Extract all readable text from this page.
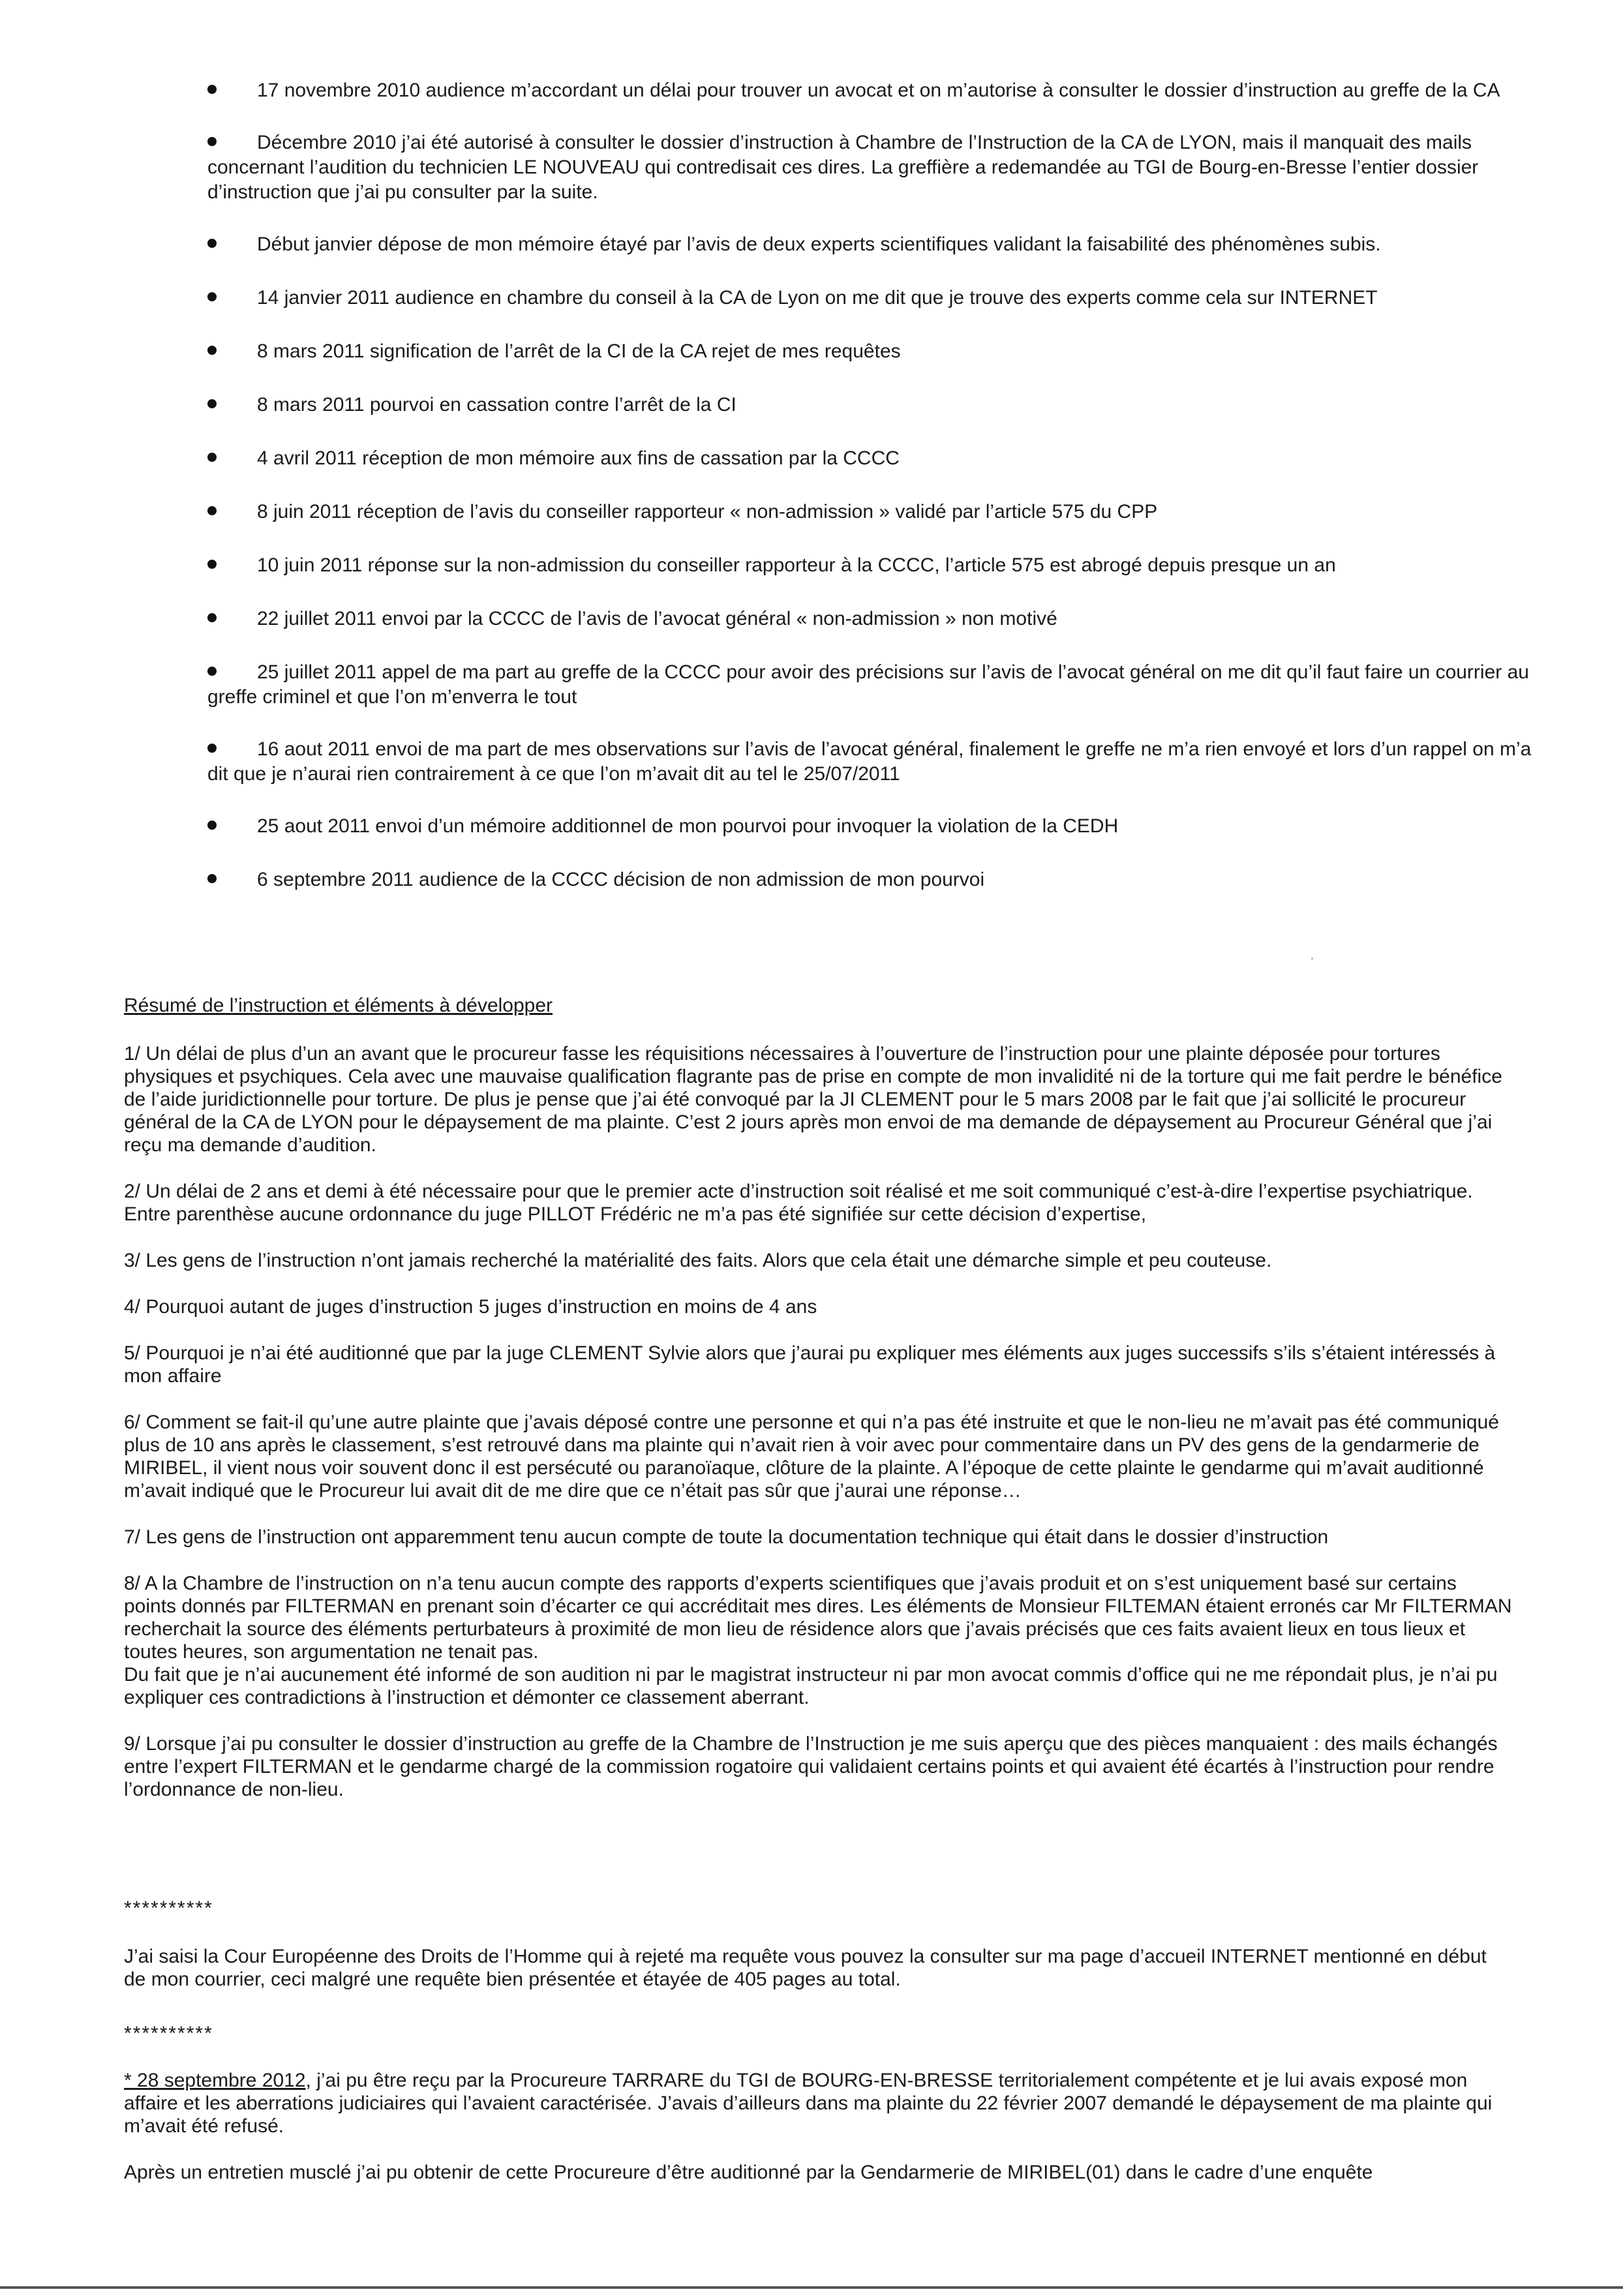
17 novembre 2010 audience m’accordant un délai pour trouver un avocat et on m’autorise à consulter le dossier d’instruction au greffe de la CA
Décembre 2010 j’ai été autorisé à consulter le dossier d’instruction à Chambre de l’Instruction de la CA de LYON, mais il manquait des mails concernant l’audition du technicien LE NOUVEAU qui contredisait ces dires. La greffière a redemandée au TGI de Bourg-en-Bresse l’entier dossier d’instruction que j’ai pu consulter par la suite.
Début janvier dépose de mon mémoire étayé par l’avis de deux experts scientifiques validant la faisabilité des phénomènes subis.
14 janvier 2011 audience en chambre du conseil à la CA de Lyon on me dit que je trouve des experts comme cela sur INTERNET
8 mars 2011 signification de l’arrêt de la CI de la CA rejet de mes requêtes
8 mars 2011 pourvoi en cassation contre l’arrêt de la CI
4 avril 2011 réception de mon mémoire aux fins de cassation par la CCCC
8 juin 2011 réception de l’avis du conseiller rapporteur « non-admission » validé par l’article 575 du CPP
10 juin 2011 réponse sur la non-admission du conseiller rapporteur à la CCCC, l’article 575 est abrogé depuis presque un an
22 juillet 2011 envoi par la CCCC de l’avis de l’avocat général « non-admission » non motivé
25 juillet 2011 appel de ma part au greffe de la CCCC pour avoir des précisions sur l’avis de l’avocat général on me dit qu’il faut faire un courrier au greffe criminel et que l’on m’enverra le tout
16 aout 2011 envoi de ma part de mes observations sur l’avis de l’avocat général, finalement le greffe ne m’a rien envoyé et lors d’un rappel on m’a dit que je n’aurai rien contrairement à ce que l’on m’avait dit au tel le 25/07/2011
25 aout 2011 envoi d’un mémoire additionnel de mon pourvoi pour invoquer la violation de la CEDH
6 septembre 2011 audience de la CCCC décision de non admission de mon pourvoi
Résumé de l’instruction et éléments à développer

1/ Un délai de plus d’un an avant que le procureur fasse les réquisitions nécessaires à l’ouverture de l’instruction pour une plainte déposée pour tortures physiques et psychiques. Cela avec une mauvaise qualification flagrante pas de prise en compte de mon invalidité ni de la torture qui me fait perdre le bénéfice de l’aide juridictionnelle pour torture. De plus je pense que j’ai été convoqué par la JI CLEMENT pour le 5 mars 2008 par le fait que j’ai sollicité le procureur général de la CA de LYON pour le dépaysement de ma plainte. C’est 2 jours après mon envoi de ma demande de dépaysement au Procureur Général que j’ai reçu ma demande d’audition.

2/ Un délai de 2 ans et demi à été nécessaire pour que le premier acte d’instruction soit réalisé et me soit communiqué c’est-à-dire l’expertise psychiatrique. Entre parenthèse aucune ordonnance du juge PILLOT Frédéric ne m’a pas été signifiée sur cette décision d’expertise,

3/ Les gens de l’instruction n’ont jamais recherché la matérialité des faits. Alors que cela était une démarche simple et peu couteuse.

4/ Pourquoi autant de juges d’instruction 5 juges d’instruction en moins de 4 ans

5/ Pourquoi je n’ai été auditionné que par la juge CLEMENT Sylvie alors que j’aurai pu expliquer mes éléments aux juges successifs s’ils s’étaient intéressés à mon affaire

6/ Comment se fait-il qu’une autre plainte que j’avais déposé contre une personne et qui n’a pas été instruite et que le non-lieu ne m’avait pas été communiqué plus de 10 ans après le classement, s’est retrouvé dans ma plainte qui n’avait rien à voir avec pour commentaire dans un PV des gens de la gendarmerie de MIRIBEL, il vient nous voir souvent donc il est persécuté ou paranoïaque, clôture de la plainte. A l’époque de cette plainte le gendarme qui m’avait auditionné m’avait indiqué que le Procureur lui avait dit de me dire que ce n’était pas sûr que j’aurai une réponse…

7/ Les gens de l’instruction ont apparemment tenu aucun compte de toute la documentation technique qui était dans le dossier d’instruction

8/ A la Chambre de l’instruction on n’a tenu aucun compte des rapports d’experts scientifiques que j’avais produit et on s’est uniquement basé sur certains points donnés par FILTERMAN en prenant soin d’écarter ce qui accréditait mes dires. Les éléments de Monsieur FILTEMAN étaient erronés car Mr FILTERMAN recherchait la source des éléments perturbateurs à proximité de mon lieu de résidence alors que j’avais précisés que ces faits avaient lieux en tous lieux et toutes heures, son argumentation ne tenait pas.

Du fait que je n’ai aucunement été informé de son audition ni par le magistrat instructeur ni par mon avocat commis d’office qui ne me répondait plus, je n’ai pu expliquer ces contradictions à l’instruction et démonter ce classement aberrant.

9/ Lorsque j’ai pu consulter le dossier d’instruction au greffe de la Chambre de l’Instruction je me suis aperçu que des pièces manquaient : des mails échangés entre l’expert FILTERMAN et le gendarme chargé de la commission rogatoire qui validaient certains points et qui avaient été écartés à l’instruction pour rendre l’ordonnance de non-lieu.

**********

J’ai saisi la Cour Européenne des Droits de l’Homme qui à rejeté ma requête vous pouvez la consulter sur ma page d’accueil INTERNET mentionné en début de mon courrier, ceci malgré une requête bien présentée et étayée de 405 pages au total.

**********

* 28 septembre 2012, j’ai pu être reçu par la Procureure TARRARE du TGI de BOURG-EN-BRESSE territorialement compétente et je lui avais exposé mon affaire et les aberrations judiciaires qui l’avaient caractérisée. J’avais d’ailleurs dans ma plainte du 22 février 2007 demandé le dépaysement de ma plainte qui m’avait été refusé.

Après un entretien musclé j’ai pu obtenir de cette Procureure d’être auditionné par la Gendarmerie de MIRIBEL(01) dans le cadre d’une enquête
